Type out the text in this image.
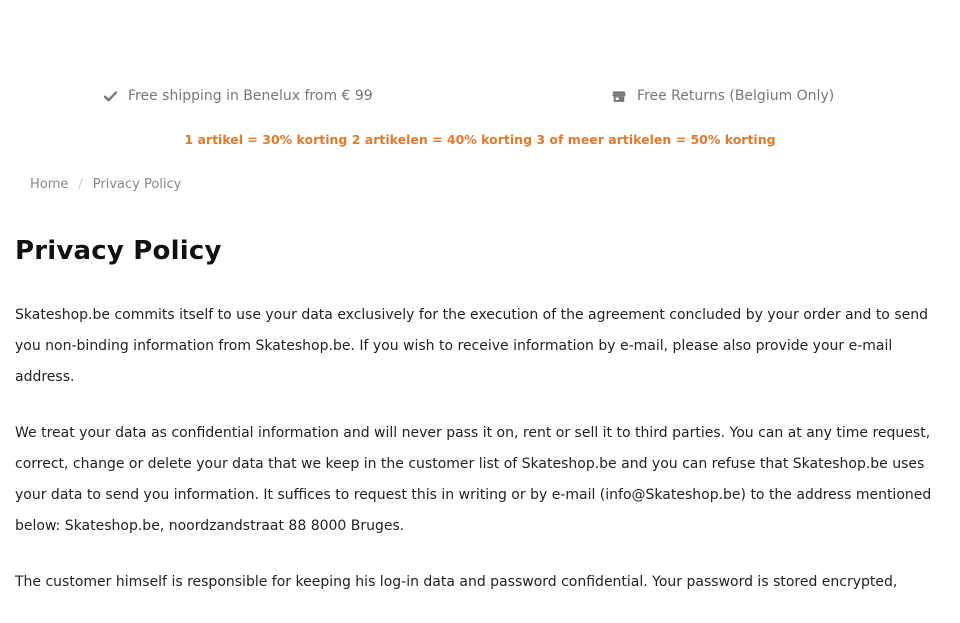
Free shipping in Benelux from € 99	Free Returns (Belgium Only)
1 artikel = 30% korting 2 artikelen = 40% korting 3 of meer artikelen = 50% korting
Home / Privacy Policy
Privacy Policy

Skateshop.be commits itself to use your data exclusively for the execution of the agreement concluded by your order and to send you non-binding information from Skateshop.be. If you wish to receive information by e-mail, please also provide your e-mail address.

We treat your data as confidential information and will never pass it on, rent or sell it to third parties. You can at any time request, correct, change or delete your data that we keep in the customer list of Skateshop.be and you can refuse that Skateshop.be uses your data to send you information. It suffices to request this in writing or by e-mail (info@Skateshop.be) to the address mentioned below: Skateshop.be, noordzandstraat 88 8000 Bruges.

The customer himself is responsible for keeping his log-in data and password confidential. Your password is stored encrypted,
